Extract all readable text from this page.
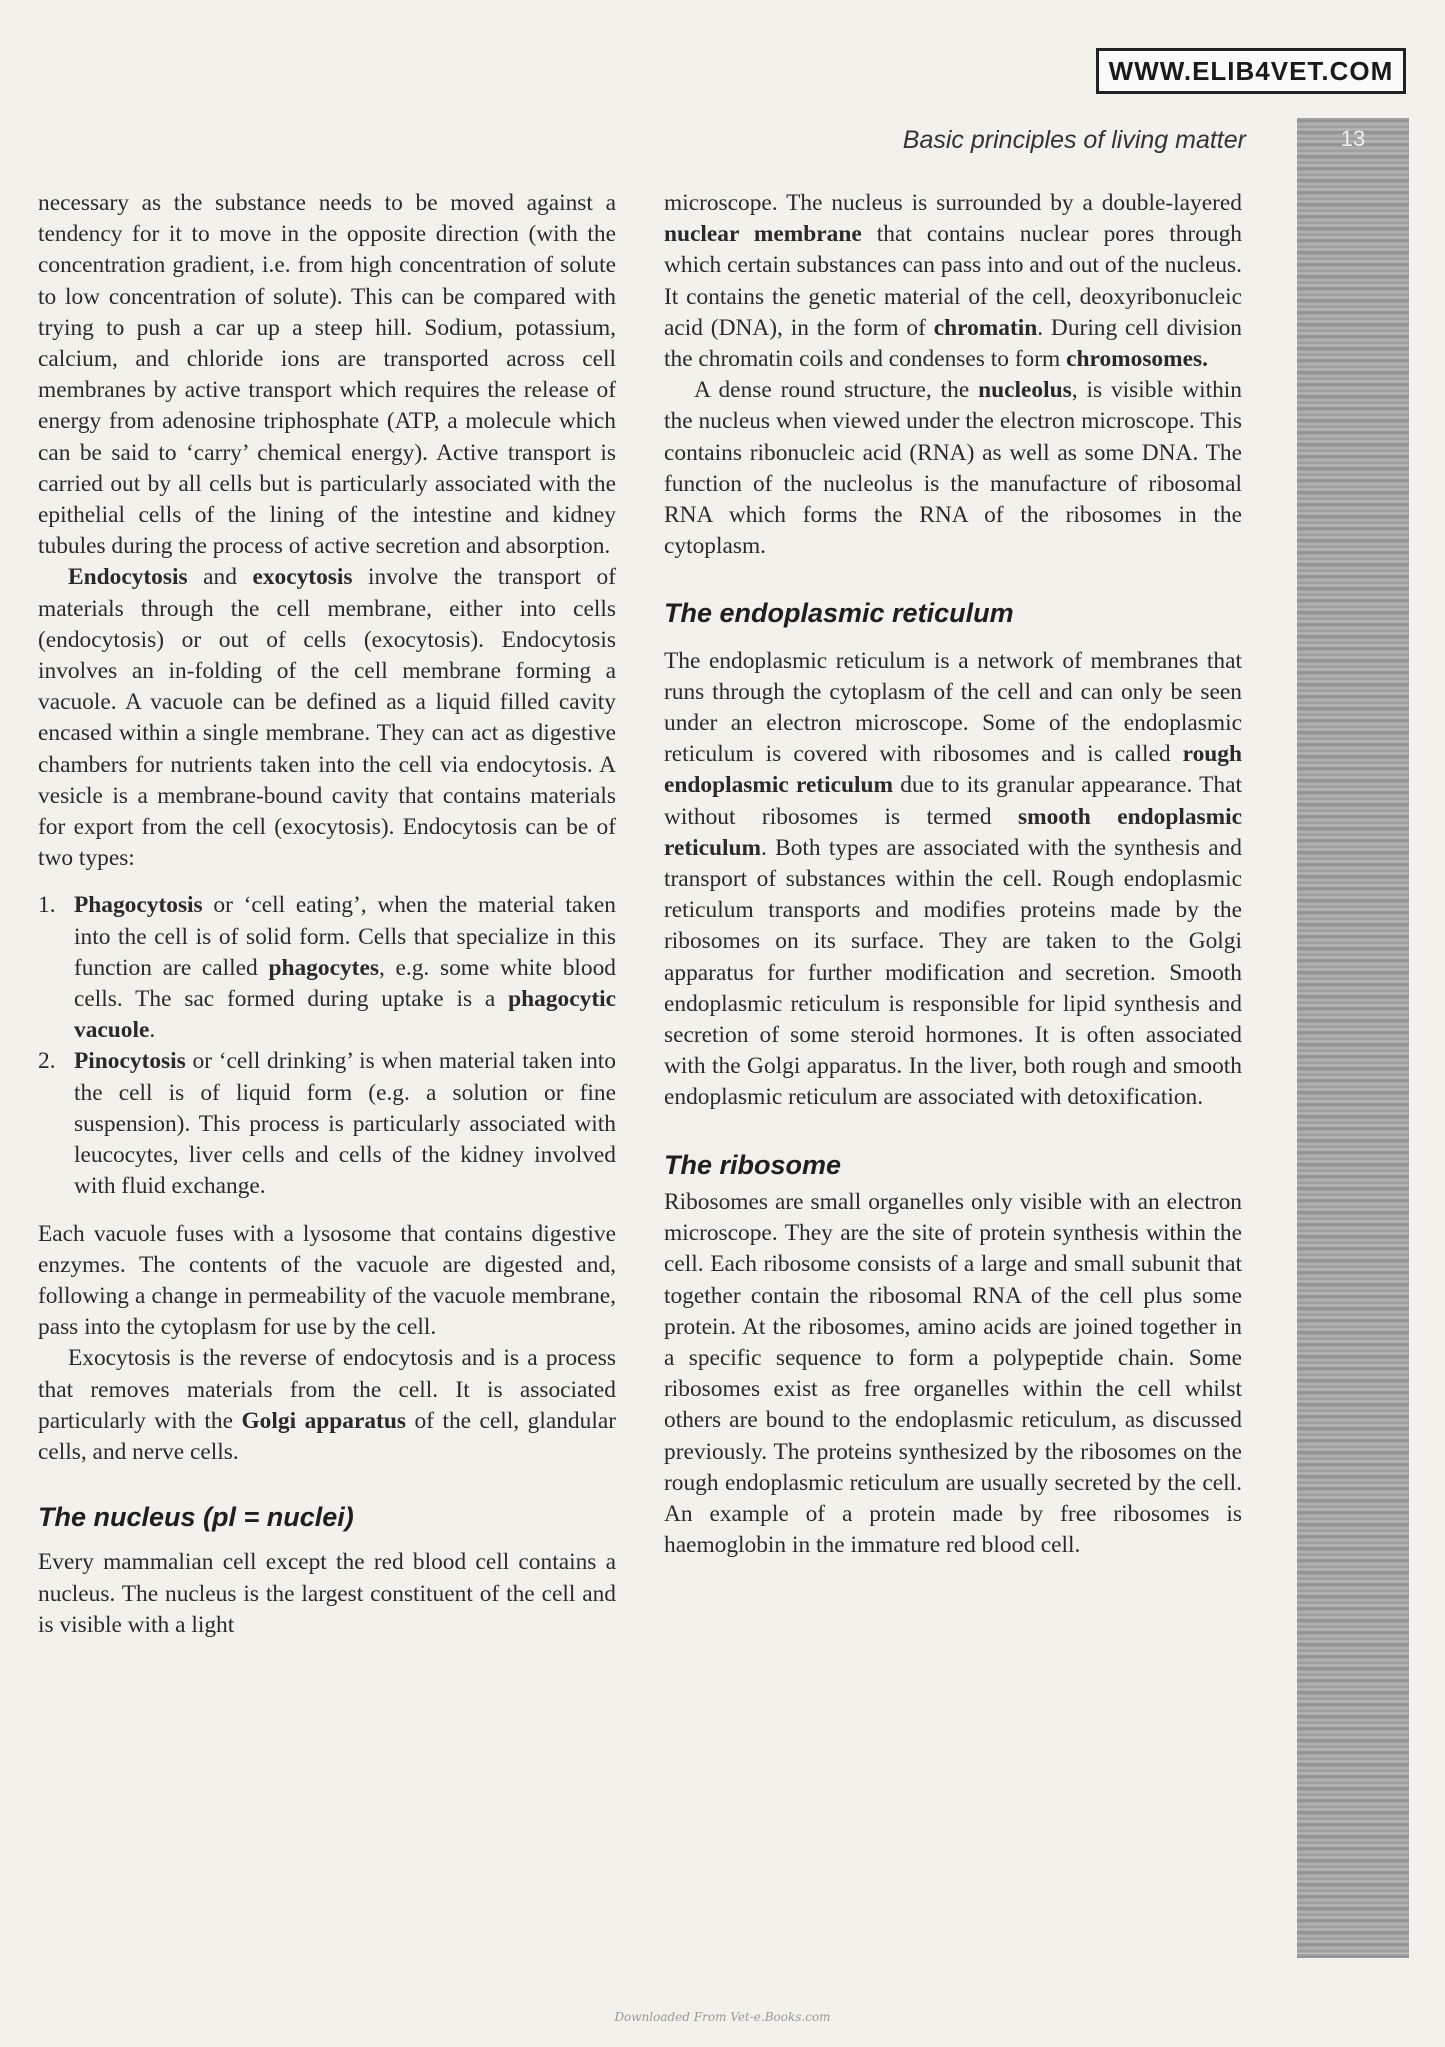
WWW.ELIB4VET.COM
Basic principles of living matter	13

necessary as the substance needs to be moved against a tendency for it to move in the opposite direction (with the concentration gradient, i.e. from high concentration of solute to low concentration of solute). This can be compared with trying to push a car up a steep hill. Sodium, potassium, calcium, and chloride ions are transported across cell membranes by active transport which requires the release of energy from adenosine triphosphate (ATP, a molecule which can be said to ‘carry’ chemical energy). Active transport is carried out by all cells but is particularly associated with the epithelial cells of the lining of the intestine and kidney tubules during the process of active secretion and absorption.

Endocytosis and exocytosis involve the transport of materials through the cell membrane, either into cells (endocytosis) or out of cells (exocytosis). Endocytosis involves an in-folding of the cell membrane forming a vacuole. A vacuole can be defined as a liquid filled cavity encased within a single membrane. They can act as digestive chambers for nutrients taken into the cell via endocytosis. A vesicle is a membrane-bound cavity that contains materials for export from the cell (exocytosis). Endocytosis can be of two types:

1. Phagocytosis or ‘cell eating’, when the material taken into the cell is of solid form. Cells that specialize in this function are called phagocytes, e.g. some white blood cells. The sac formed during uptake is a phagocytic vacuole.
2. Pinocytosis or ‘cell drinking’ is when material taken into the cell is of liquid form (e.g. a solution or fine suspension). This process is particularly associated with leucocytes, liver cells and cells of the kidney involved with fluid exchange.

Each vacuole fuses with a lysosome that contains digestive enzymes. The contents of the vacuole are digested and, following a change in permeability of the vacuole membrane, pass into the cytoplasm for use by the cell.

Exocytosis is the reverse of endocytosis and is a process that removes materials from the cell. It is associated particularly with the Golgi apparatus of the cell, glandular cells, and nerve cells.

The nucleus (pl = nuclei)

Every mammalian cell except the red blood cell contains a nucleus. The nucleus is the largest constituent of the cell and is visible with a light

microscope. The nucleus is surrounded by a double-layered nuclear membrane that contains nuclear pores through which certain substances can pass into and out of the nucleus. It contains the genetic material of the cell, deoxyribonucleic acid (DNA), in the form of chromatin. During cell division the chromatin coils and condenses to form chromosomes.

A dense round structure, the nucleolus, is visible within the nucleus when viewed under the electron microscope. This contains ribonucleic acid (RNA) as well as some DNA. The function of the nucleolus is the manufacture of ribosomal RNA which forms the RNA of the ribosomes in the cytoplasm.

The endoplasmic reticulum

The endoplasmic reticulum is a network of membranes that runs through the cytoplasm of the cell and can only be seen under an electron microscope. Some of the endoplasmic reticulum is covered with ribosomes and is called rough endoplasmic reticulum due to its granular appearance. That without ribosomes is termed smooth endoplasmic reticulum. Both types are associated with the synthesis and transport of substances within the cell. Rough endoplasmic reticulum transports and modifies proteins made by the ribosomes on its surface. They are taken to the Golgi apparatus for further modification and secretion. Smooth endoplasmic reticulum is responsible for lipid synthesis and secretion of some steroid hormones. It is often associated with the Golgi apparatus. In the liver, both rough and smooth endoplasmic reticulum are associated with detoxification.

The ribosome

Ribosomes are small organelles only visible with an electron microscope. They are the site of protein synthesis within the cell. Each ribosome consists of a large and small subunit that together contain the ribosomal RNA of the cell plus some protein. At the ribosomes, amino acids are joined together in a specific sequence to form a polypeptide chain. Some ribosomes exist as free organelles within the cell whilst others are bound to the endoplasmic reticulum, as discussed previously. The proteins synthesized by the ribosomes on the rough endoplasmic reticulum are usually secreted by the cell. An example of a protein made by free ribosomes is haemoglobin in the immature red blood cell.

Downloaded From Vet-e.Books.com
